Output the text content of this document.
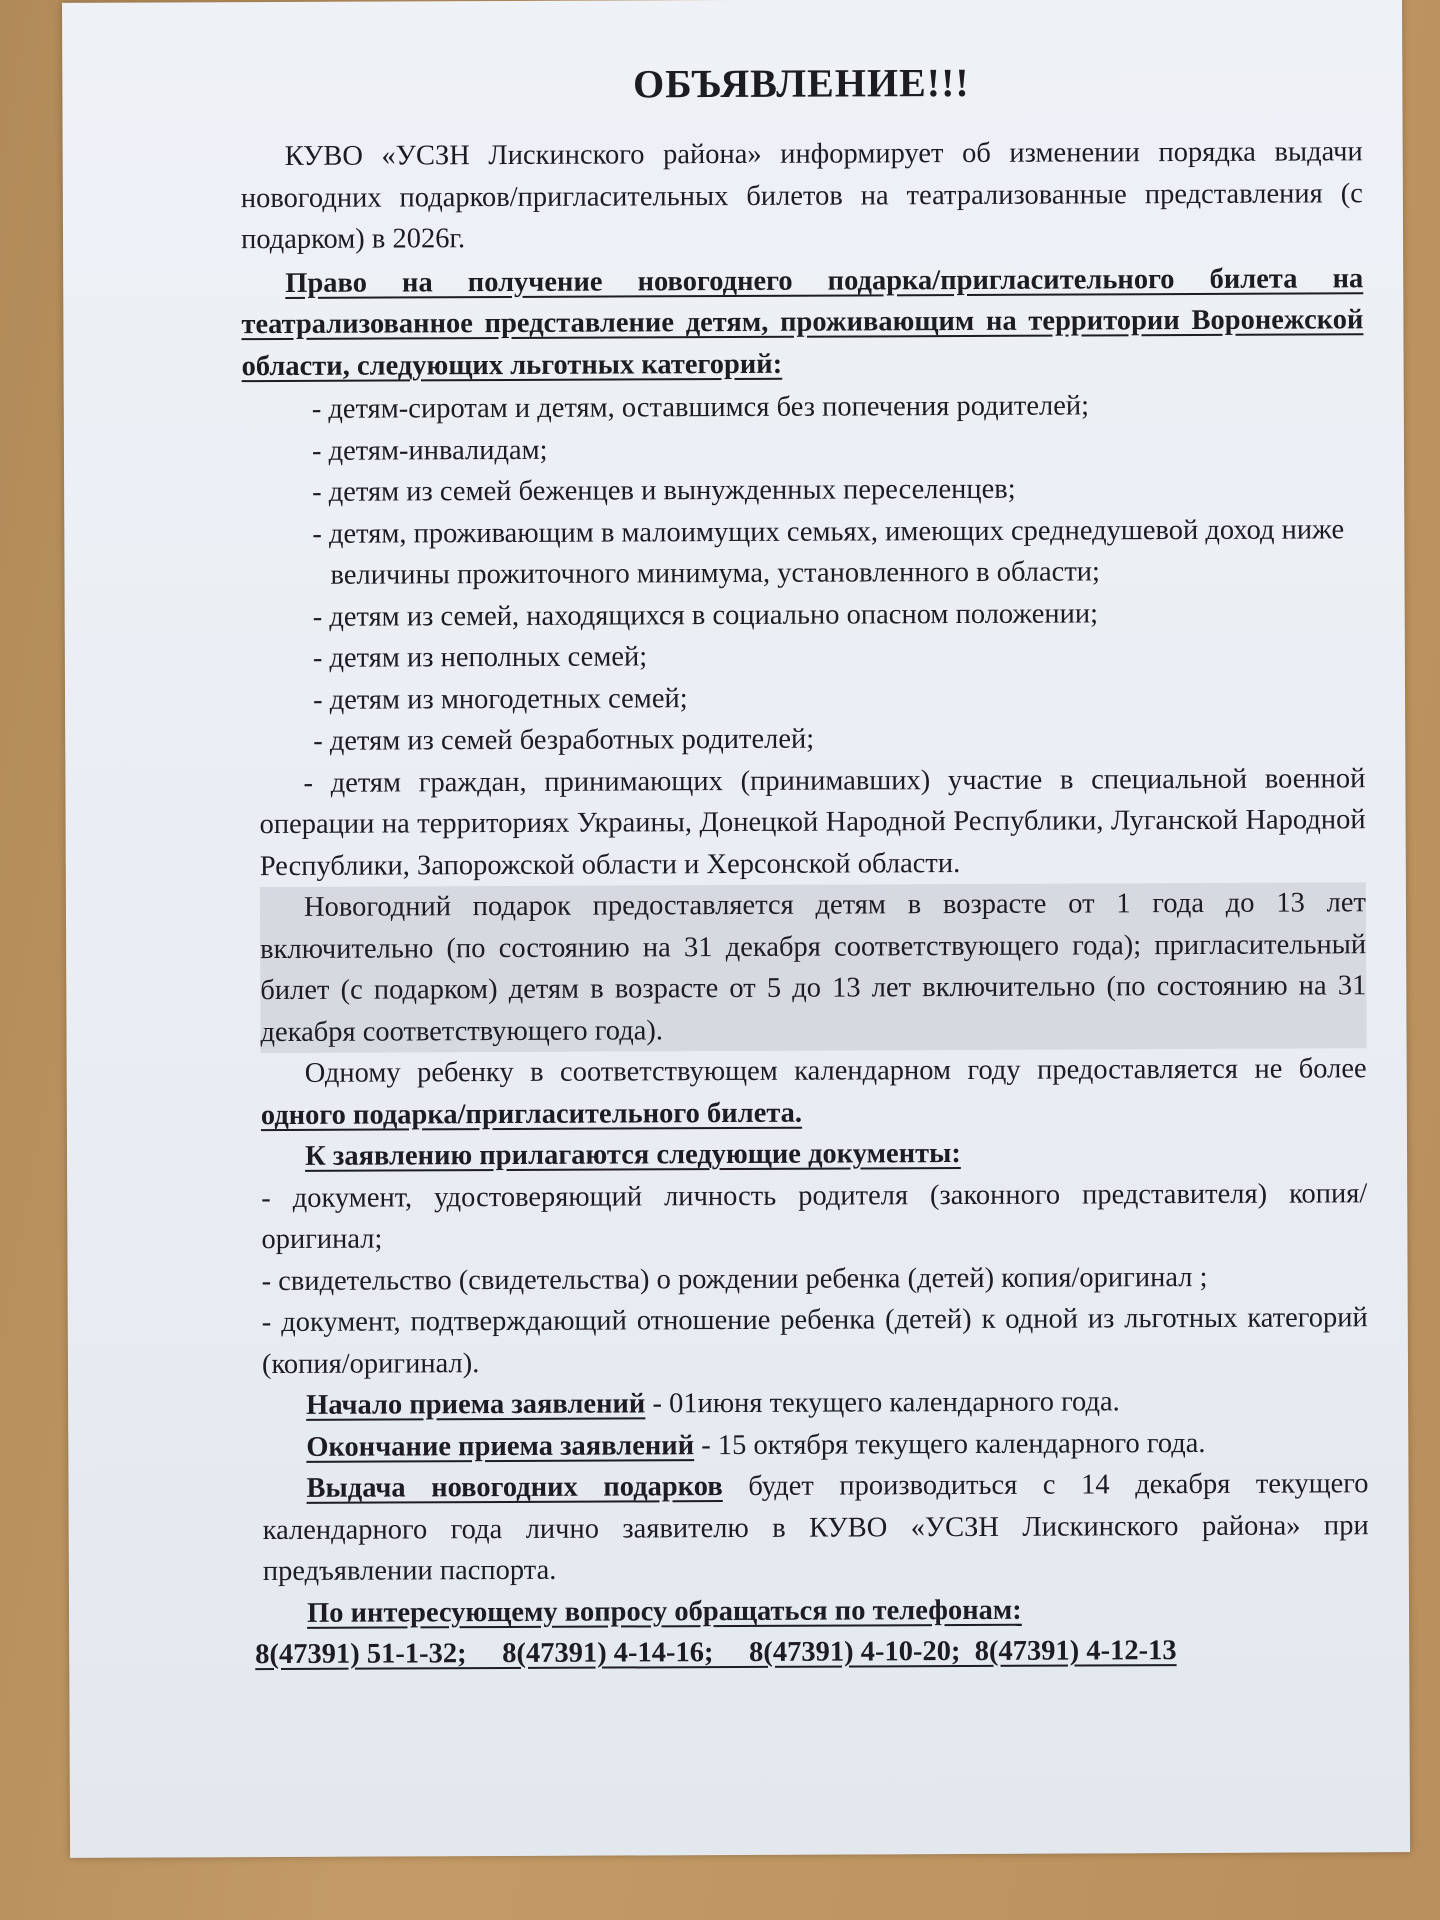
ОБЪЯВЛЕНИЕ!!!

КУВО «УСЗН Лискинского района» информирует об изменении порядка выдачи новогодних подарков/пригласительных билетов на театрализованные представления (с подарком) в 2026г.

Право на получение новогоднего подарка/пригласительного билета на театрализованное представление детям, проживающим на территории Воронежской области, следующих льготных категорий:

- детям-сиротам и детям, оставшимся без попечения родителей;
- детям-инвалидам;
- детям из семей беженцев и вынужденных переселенцев;
- детям, проживающим в малоимущих семьях, имеющих среднедушевой доход ниже величины прожиточного минимума, установленного в области;
- детям из семей, находящихся в социально опасном положении;
- детям из неполных семей;
- детям из многодетных семей;
- детям из семей безработных родителей;

- детям граждан, принимающих (принимавших) участие в специальной военной операции на территориях Украины, Донецкой Народной Республики, Луганской Народной Республики, Запорожской области и Херсонской области.

Новогодний подарок предоставляется детям в возрасте от 1 года до 13 лет включительно (по состоянию на 31 декабря соответствующего года); пригласительный билет (с подарком) детям в возрасте от 5 до 13 лет включительно (по состоянию на 31 декабря соответствующего года).

Одному ребенку в соответствующем календарном году предоставляется не более одного подарка/пригласительного билета.

К заявлению прилагаются следующие документы:

- документ, удостоверяющий личность родителя (законного представителя) копия/оригинал;

- свидетельство (свидетельства) о рождении ребенка (детей) копия/оригинал ;

- документ, подтверждающий отношение ребенка (детей) к одной из льготных категорий (копия/оригинал).

Начало приема заявлений - 01июня текущего календарного года.

Окончание приема заявлений - 15 октября текущего календарного года.

Выдача новогодних подарков будет производиться с 14 декабря текущего календарного года лично заявителю в КУВО «УСЗН Лискинского района» при предъявлении паспорта.

По интересующему вопросу обращаться по телефонам:

8(47391) 51-1-32;     8(47391) 4-14-16;     8(47391) 4-10-20;  8(47391) 4-12-13
